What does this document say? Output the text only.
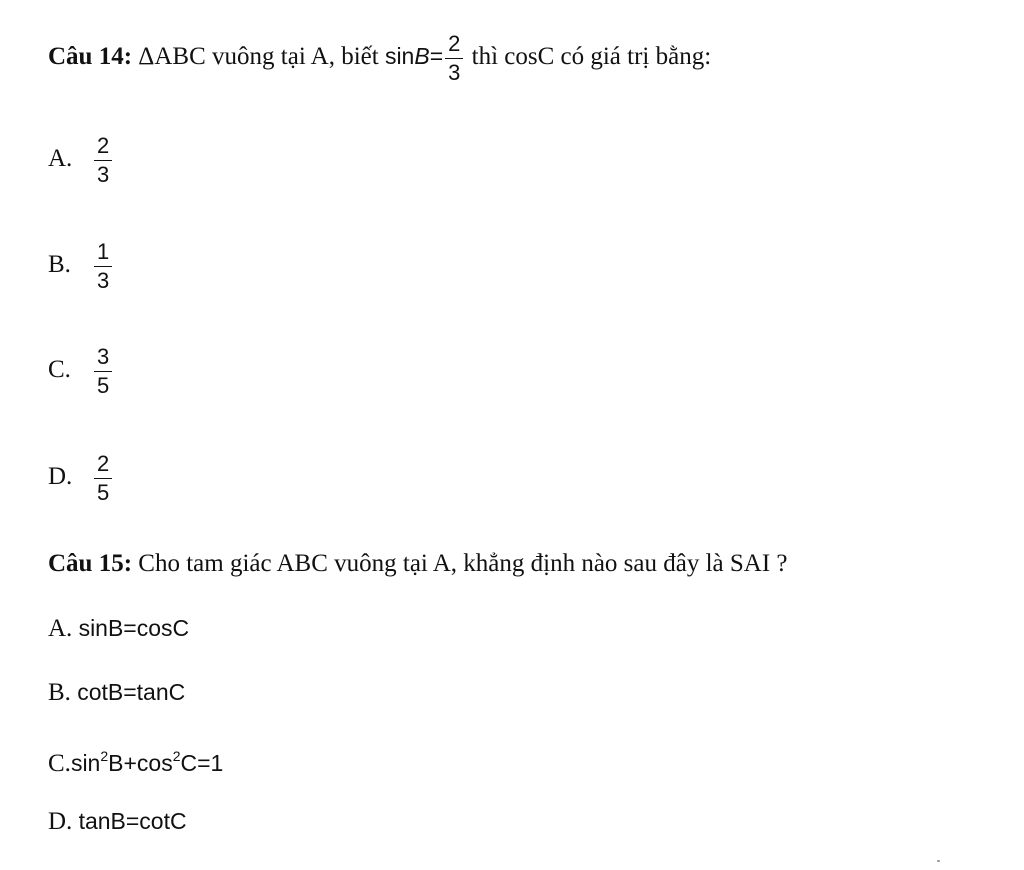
Câu 14: ΔABC vuông tại A, biết $\sin B= \frac{2}{3}$ thì cosC có giá trị bằng:
A. $\frac{2}{3}$
B. $\frac{1}{3}$
C. $\frac{3}{5}$
D. $\frac{2}{5}$
Câu 15: Cho tam giác ABC vuông tại A, khẳng định nào sau đây là SAI ?
A. sinB=cosC
B. cotB=tanC
$C.\sin^2B+\cos^2C=1$
D. tanB=cotC
